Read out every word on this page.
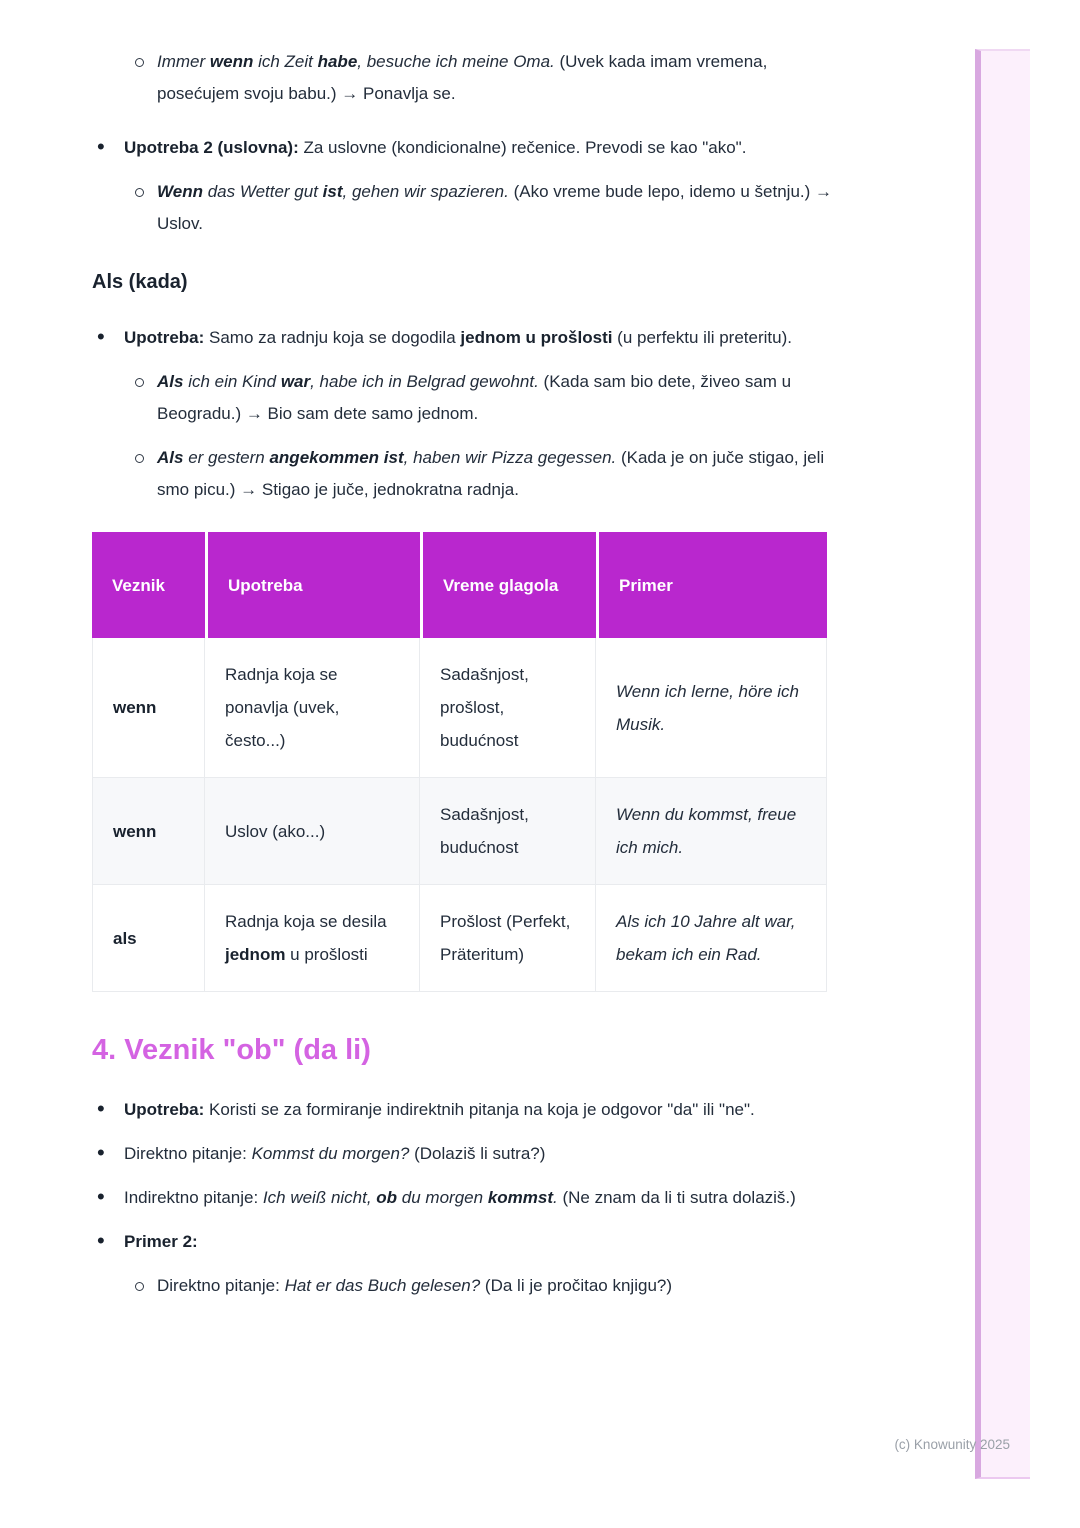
Immer wenn ich Zeit habe, besuche ich meine Oma. (Uvek kada imam vremena, posećujem svoju babu.) → Ponavlja se.
•
Upotreba 2 (uslovna): Za uslovne (kondicionalne) rečenice. Prevodi se kao "ako".
Wenn das Wetter gut ist, gehen wir spazieren. (Ako vreme bude lepo, idemo u šetnju.) → Uslov.
Als (kada)
•
Upotreba: Samo za radnju koja se dogodila jednom u prošlosti (u perfektu ili preteritu).
Als ich ein Kind war, habe ich in Belgrad gewohnt. (Kada sam bio dete, živeo sam u Beogradu.) → Bio sam dete samo jednom.
Als er gestern angekommen ist, haben wir Pizza gegessen. (Kada je on juče stigao, jeli smo picu.) → Stigao je juče, jednokratna radnja.
Veznik	Upotreba	Vreme glagola	Primer
wenn	Radnja koja se ponavlja (uvek, često...)	Sadašnjost, prošlost, budućnost	Wenn ich lerne, höre ich Musik.
wenn	Uslov (ako...)	Sadašnjost, budućnost	Wenn du kommst, freue ich mich.
als	Radnja koja se desila jednom u prošlosti	Prošlost (Perfekt, Präteritum)	Als ich 10 Jahre alt war, bekam ich ein Rad.
4. Veznik "ob" (da li)
•
Upotreba: Koristi se za formiranje indirektnih pitanja na koja je odgovor "da" ili "ne".
•
Direktno pitanje: Kommst du morgen? (Dolaziš li sutra?)
•
Indirektno pitanje: Ich weiß nicht, ob du morgen kommst. (Ne znam da li ti sutra dolaziš.)
•
Primer 2:
Direktno pitanje: Hat er das Buch gelesen? (Da li je pročitao knjigu?)
(c) Knowunity 2025
